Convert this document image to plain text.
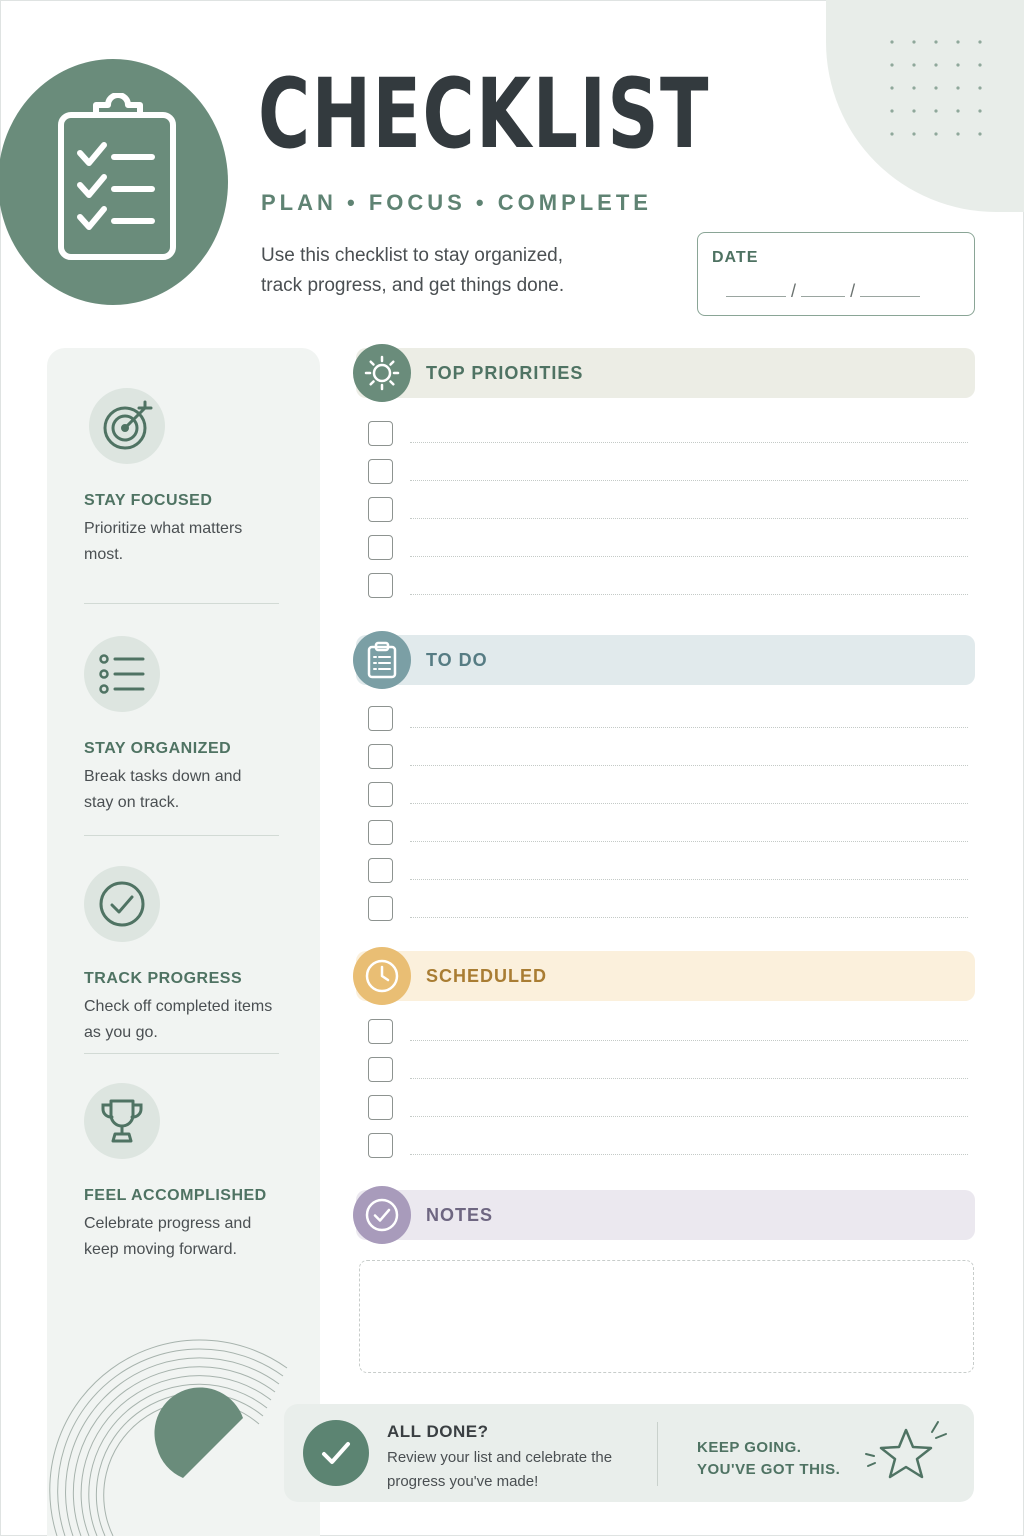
CHECKLIST
PLAN • FOCUS • COMPLETE
Use this checklist to stay organized,
track progress, and get things done.
DATE
/	/
STAY FOCUSED
Prioritize what matters most.
STAY ORGANIZED
Break tasks down and stay on track.
TRACK PROGRESS
Check off completed items as you go.
FEEL ACCOMPLISHED
Celebrate progress and keep moving forward.
TOP PRIORITIES
TO DO
SCHEDULED
NOTES
ALL DONE?
Review your list and celebrate the progress you've made!
KEEP GOING.
YOU'VE GOT THIS.
